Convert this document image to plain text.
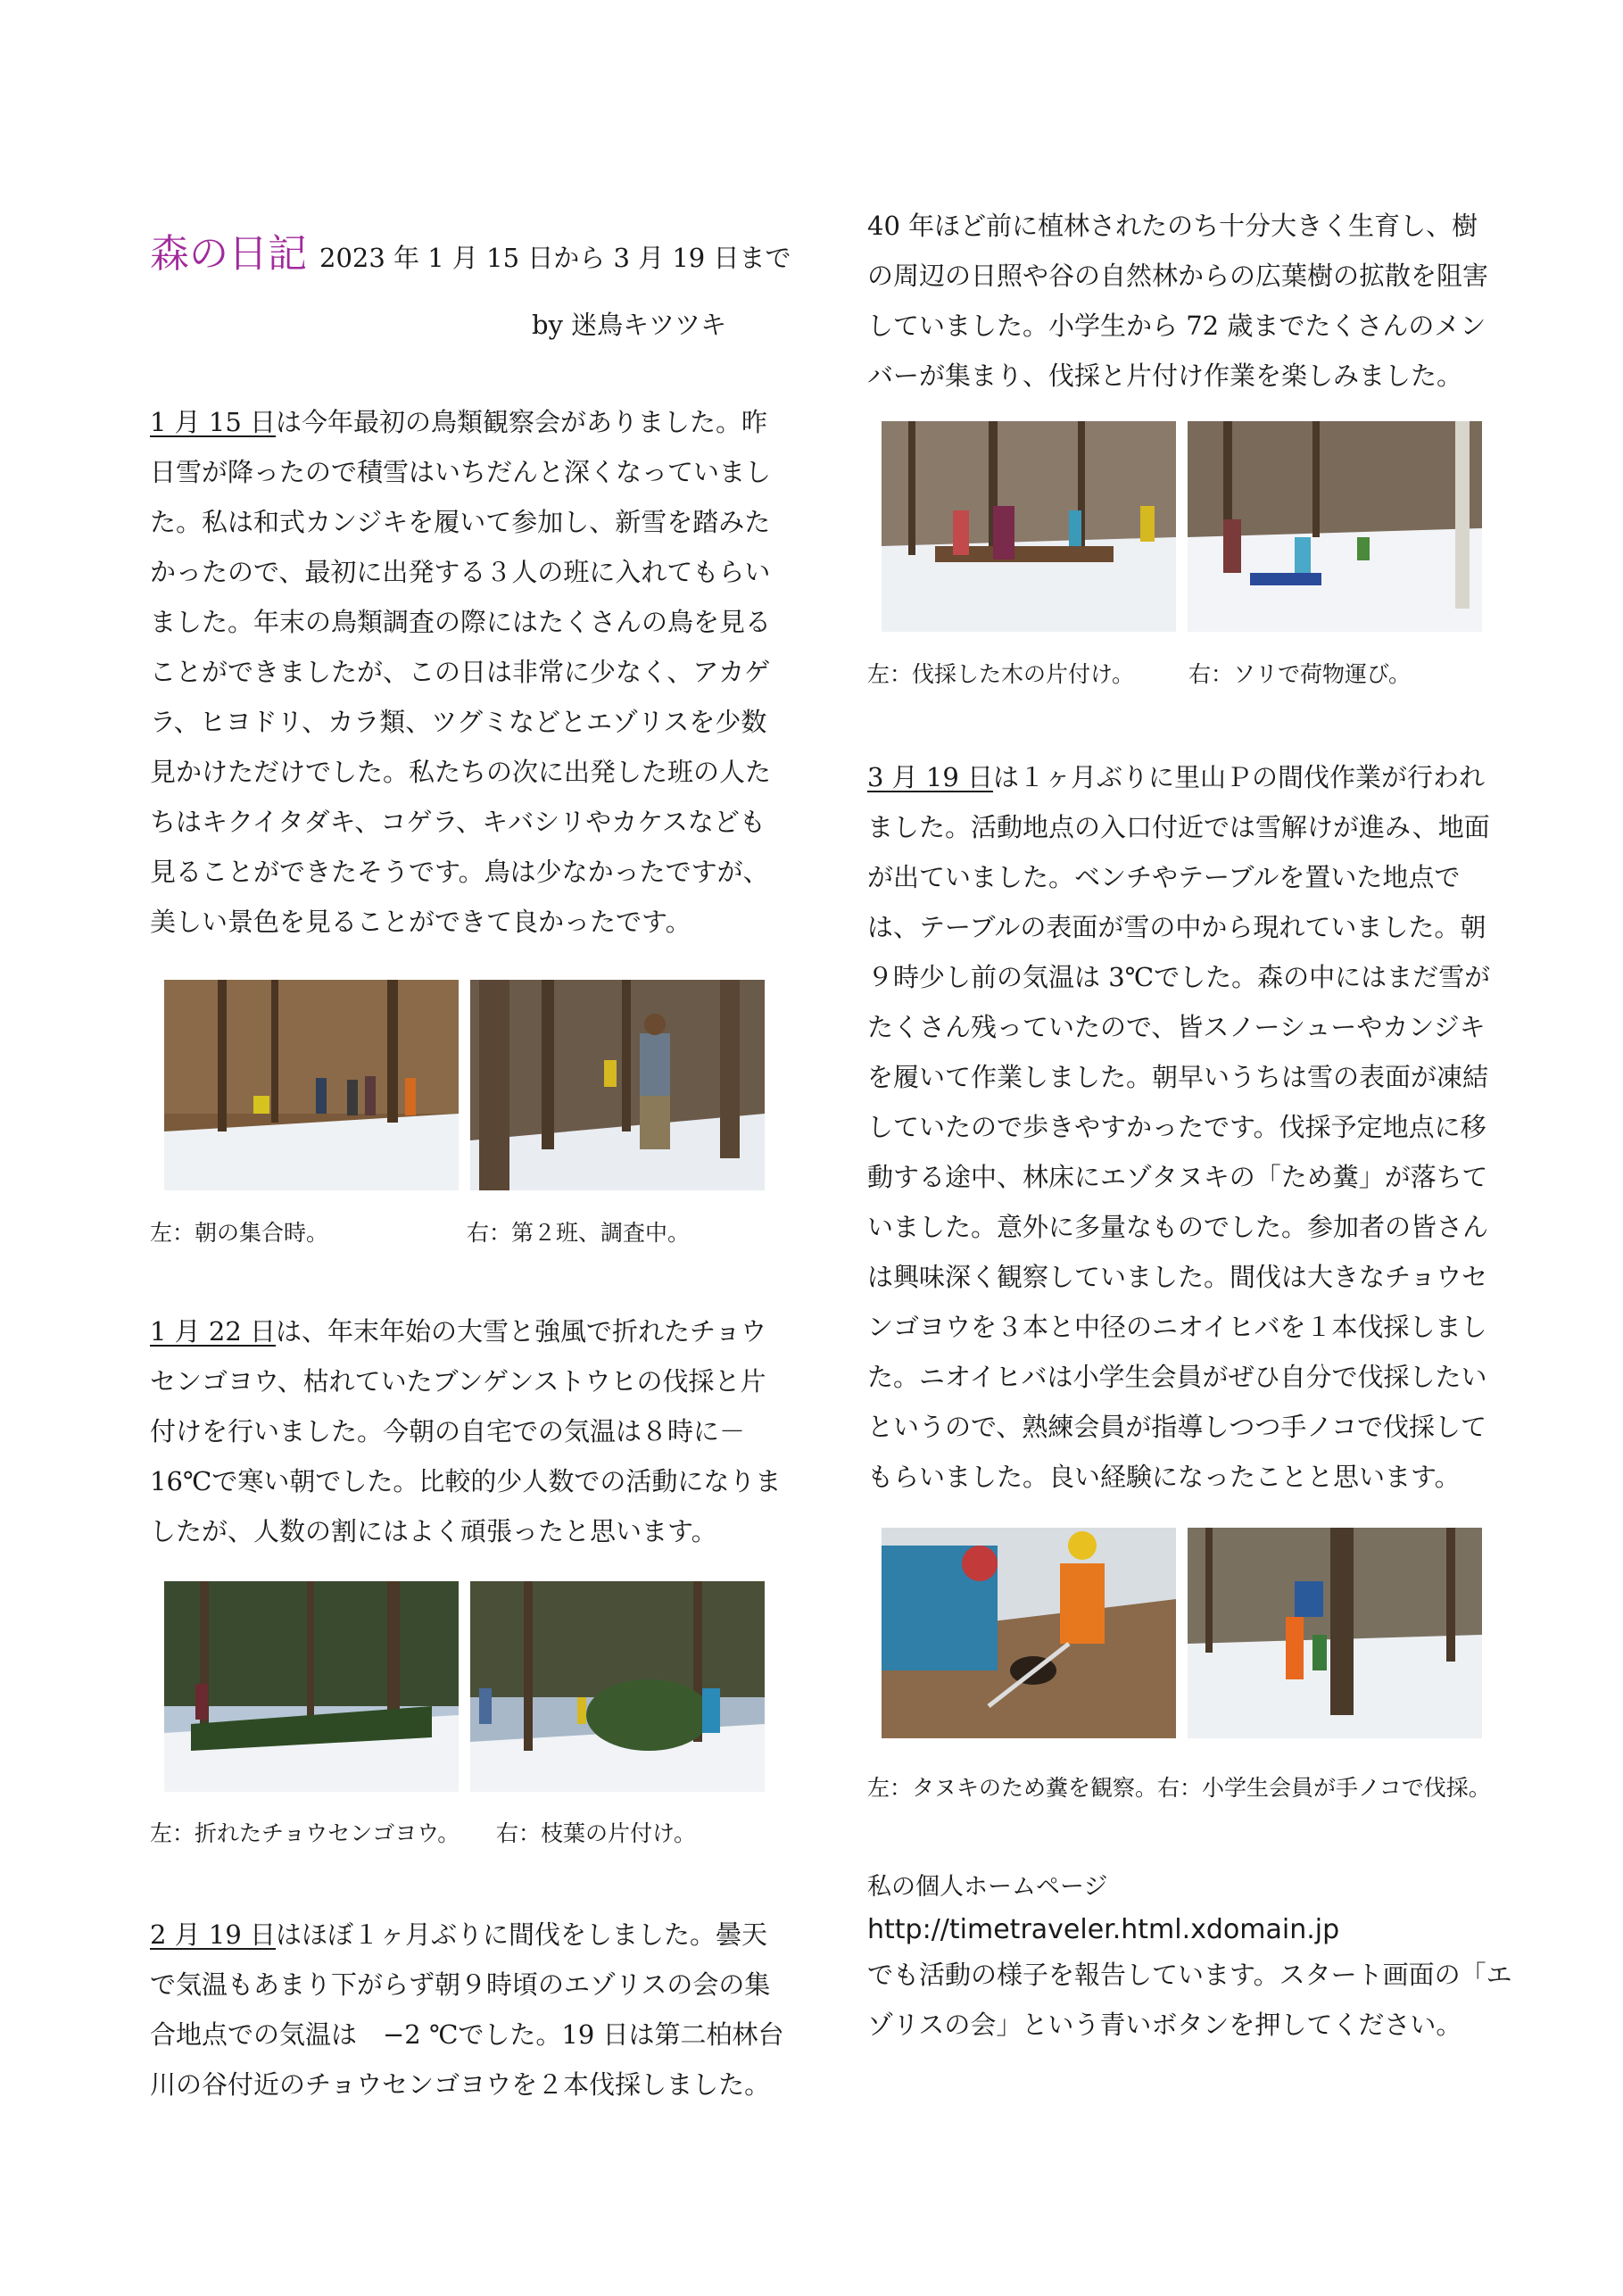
森の日記 2023 年 1 月 15 日から 3 月 19 日まで
by 迷鳥キツツキ
1 月 15 日は今年最初の鳥類観察会がありました。昨
日雪が降ったので積雪はいちだんと深くなっていまし
た。私は和式カンジキを履いて参加し、新雪を踏みた
かったので、最初に出発する３人の班に入れてもらい
ました。年末の鳥類調査の際にはたくさんの鳥を見る
ことができましたが、この日は非常に少なく、アカゲ
ラ、ヒヨドリ、カラ類、ツグミなどとエゾリスを少数
見かけただけでした。私たちの次に出発した班の人た
ちはキクイタダキ、コゲラ、キバシリやカケスなども
見ることができたそうです。鳥は少なかったですが、
美しい景色を見ることができて良かったです。
左：朝の集合時。	右：第２班、調査中。
1 月 22 日は、年末年始の大雪と強風で折れたチョウ
センゴヨウ、枯れていたブンゲンストウヒの伐採と片
付けを行いました。今朝の自宅での気温は８時に－
16℃で寒い朝でした。比較的少人数での活動になりま
したが、人数の割にはよく頑張ったと思います。
左：折れたチョウセンゴヨウ。 右：枝葉の片付け。
2 月 19 日はほぼ１ヶ月ぶりに間伐をしました。曇天
で気温もあまり下がらず朝９時頃のエゾリスの会の集
合地点での気温は　−2 ℃でした。19 日は第二柏林台
川の谷付近のチョウセンゴヨウを２本伐採しました。
40 年ほど前に植林されたのち十分大きく生育し、樹
の周辺の日照や谷の自然林からの広葉樹の拡散を阻害
していました。小学生から 72 歳までたくさんのメン
バーが集まり、伐採と片付け作業を楽しみました。
左：伐採した木の片付け。 右：ソリで荷物運び。
3 月 19 日は１ヶ月ぶりに里山Ｐの間伐作業が行われ
ました。活動地点の入口付近では雪解けが進み、地面
が出ていました。ベンチやテーブルを置いた地点で
は、テーブルの表面が雪の中から現れていました。朝
９時少し前の気温は 3℃でした。森の中にはまだ雪が
たくさん残っていたので、皆スノーシューやカンジキ
を履いて作業しました。朝早いうちは雪の表面が凍結
していたので歩きやすかったです。伐採予定地点に移
動する途中、林床にエゾタヌキの「ため糞」が落ちて
いました。意外に多量なものでした。参加者の皆さん
は興味深く観察していました。間伐は大きなチョウセ
ンゴヨウを３本と中径のニオイヒバを１本伐採しまし
た。ニオイヒバは小学生会員がぜひ自分で伐採したい
というので、熟練会員が指導しつつ手ノコで伐採して
もらいました。良い経験になったことと思います。
左：タヌキのため糞を観察。右：小学生会員が手ノコで伐採。
私の個人ホームページ
http://timetraveler.html.xdomain.jp
でも活動の様子を報告しています。スタート画面の「エ
ゾリスの会」という青いボタンを押してください。
